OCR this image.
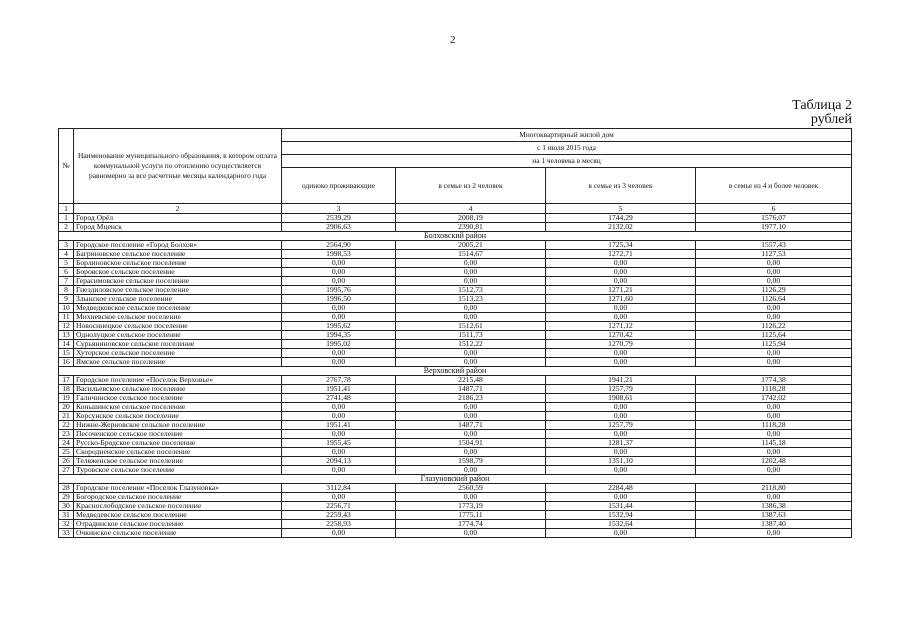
2
Таблица 2
рублей
№	Наименование муниципального образования, в котором оплата коммунальной услуги по отоплению осуществляется равномерно за все расчетные месяцы календарного года	Многоквартирный жилой дом			
		с 1 июля 2015 года			
		на 1 человека в месяц			
		одиноко проживающие	в семье из 2 человек	в семье из 3 человек	в семье из 4 и более человек
1	2	3	4	5	6
1	Город Орёл	2539,29	2008,19	1744,29	1576,07
2	Город Мценск	2906,63	2390,81	2132,02	1977,10
Болховский район					
3	Городское поселение «Город Болхов»	2564,90	2005,21	1725,34	1557,43
4	Багриновское сельское поселение	1998,53	1514,67	1272,71	1127,53
5	Борлиновское сельское поселение	0,00	0,00	0,00	0,00
6	Боровское сельское поселение	0,00	0,00	0,00	0,00
7	Герасимовское сельское поселение	0,00	0,00	0,00	0,00
8	Гнездиловское сельское поселение	1995,76	1512,73	1271,21	1126,29
9	Злынское сельское поселение	1996,50	1513,23	1271,60	1126,64
10	Медведковское сельское поселение	0,00	0,00	0,00	0,00
11	Михневское сельское поселение	0,00	0,00	0,00	0,00
12	Новосинецкое сельское поселение	1995,62	1512,61	1271,12	1126,22
13	Однолуцкое сельское поселение	1994,35	1511,73	1270,42	1125,64
14	Сурьяниновское сельское поселение	1995,02	1512,22	1270,79	1125,94
15	Хуторское сельское поселение	0,00	0,00	0,00	0,00
16	Ямское сельское поселение	0,00	0,00	0,00	0,00
Верховский район					
17	Городское поселение «Поселок Верховье»	2767,78	2215,48	1941,21	1774,38
18	Васильевское сельское поселение	1951,41	1487,71	1257,79	1118,28
19	Галичинское сельское поселение	2741,48	2186,23	1908,61	1742,02
20	Коньшинское сельское поселение	0,00	0,00	0,00	0,00
21	Корсунское сельское поселение	0,00	0,00	0,00	0,00
22	Нижне-Жерновское сельское поселение	1951,41	1487,71	1257,79	1118,28
23	Песоченское сельское поселение	0,00	0,00	0,00	0,00
24	Русско-Бродское сельское поселение	1955,45	1504,91	1281,37	1145,18
25	Скородненское сельское поселение	0,00	0,00	0,00	0,00
26	Теляженское сельское поселение	2094,13	1598,79	1351,10	1202,48
27	Туровское сельское поселение	0,00	0,00	0,00	0,00
Глазуновский район					
28	Городское поселение «Поселок Глазуновка»	3112,84	2560,59	2284,48	2118,80
29	Богородское сельское поселение	0,00	0,00	0,00	0,00
30	Краснослободское сельское поселение	2256,71	1773,19	1531,44	1386,38
31	Медведевское сельское поселение	2259,43	1775,11	1532,94	1387,63
32	Отрадинское сельское поселение	2258,93	1774,74	1532,64	1387,40
33	Очкинское сельское поселение	0,00	0,00	0,00	0,00
